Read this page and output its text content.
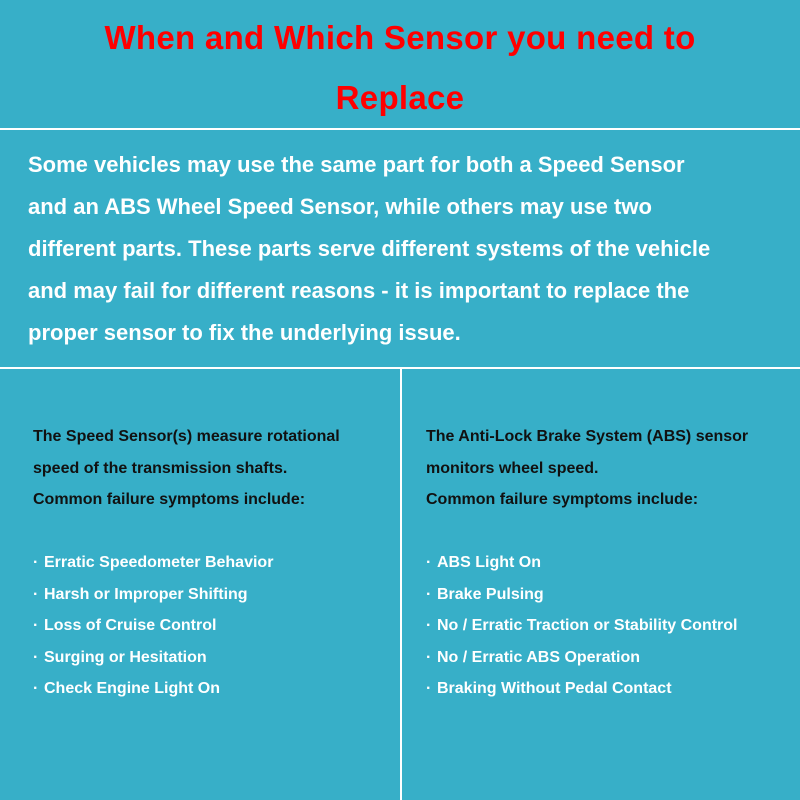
When and Which Sensor you need to
Replace
Some vehicles may use the same part for both a Speed Sensor
and an ABS Wheel Speed Sensor, while others may use two
different parts. These parts serve different systems of the vehicle
and may fail for different reasons - it is important to replace the
proper sensor to fix the underlying issue.
The Speed Sensor(s) measure rotational
speed of the transmission shafts.
Common failure symptoms include:
· Erratic Speedometer Behavior
· Harsh or Improper Shifting
· Loss of Cruise Control
· Surging or Hesitation
· Check Engine Light On
The Anti-Lock Brake System (ABS) sensor
monitors wheel speed.
Common failure symptoms include:
· ABS Light On
· Brake Pulsing
· No / Erratic Traction or Stability Control
· No / Erratic ABS Operation
· Braking Without Pedal Contact
